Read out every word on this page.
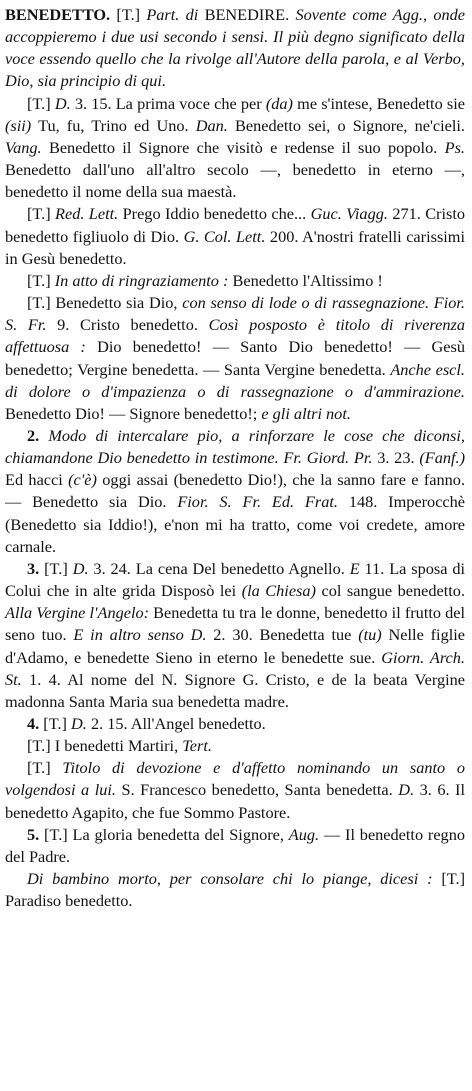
BENEDETTO. [T.] Part. di BENEDIRE. Sovente come Agg., onde accoppieremo i due usi secondo i sensi. Il più degno significato della voce essendo quello che la rivolge all'Autore della parola, e al Verbo, Dio, sia principio di qui.

[T.] D. 3. 15. La prima voce che per (da) me s'intese, Benedetto sie (sii) Tu, fu, Trino ed Uno. Dan. Benedetto sei, o Signore, ne'cieli. Vang. Benedetto il Signore che visitò e redense il suo popolo. Ps. Benedetto dall'uno all'altro secolo —, benedetto in eterno —, benedetto il nome della sua maestà.

[T.] Red. Lett. Prego Iddio benedetto che... Guc. Viagg. 271. Cristo benedetto figliuolo di Dio. G. Col. Lett. 200. A'nostri fratelli carissimi in Gesù benedetto.

[T.] In atto di ringraziamento : Benedetto l'Altissimo !

[T.] Benedetto sia Dio, con senso di lode o di rassegnazione. Fior. S. Fr. 9. Cristo benedetto. Così posposto è titolo di riverenza affettuosa : Dio benedetto! — Santo Dio benedetto! — Gesù benedetto; Vergine benedetta. — Santa Vergine benedetta. Anche escl. di dolore o d'impazienza o di rassegnazione o d'ammirazione. Benedetto Dio! — Signore benedetto!; e gli altri not.

2. Modo di intercalare pio, a rinforzare le cose che diconsi, chiamandone Dio benedetto in testimone. Fr. Giord. Pr. 3. 23. (Fanf.) Ed hacci (c'è) oggi assai (benedetto Dio!), che la sanno fare e fanno. — Benedetto sia Dio. Fior. S. Fr. Ed. Frat. 148. Imperocchè (Benedetto sia Iddio!), e'non mi ha tratto, come voi credete, amore carnale.

3. [T.] D. 3. 24. La cena Del benedetto Agnello. E 11. La sposa di Colui che in alte grida Disposò lei (la Chiesa) col sangue benedetto. Alla Vergine l'Angelo: Benedetta tu tra le donne, benedetto il frutto del seno tuo. E in altro senso D. 2. 30. Benedetta tue (tu) Nelle figlie d'Adamo, e benedette Sieno in eterno le benedette sue. Giorn. Arch. St. 1. 4. Al nome del N. Signore G. Cristo, e de la beata Vergine madonna Santa Maria sua benedetta madre.

4. [T.] D. 2. 15. All'Angel benedetto.

[T.] I benedetti Martiri, Tert.

[T.] Titolo di devozione e d'affetto nominando un santo o volgendosi a lui. S. Francesco benedetto, Santa benedetta. D. 3. 6. Il benedetto Agapito, che fue Sommo Pastore.

5. [T.] La gloria benedetta del Signore, Aug. — Il benedetto regno del Padre.

Di bambino morto, per consolare chi lo piange, dicesi : [T.] Paradiso benedetto.
